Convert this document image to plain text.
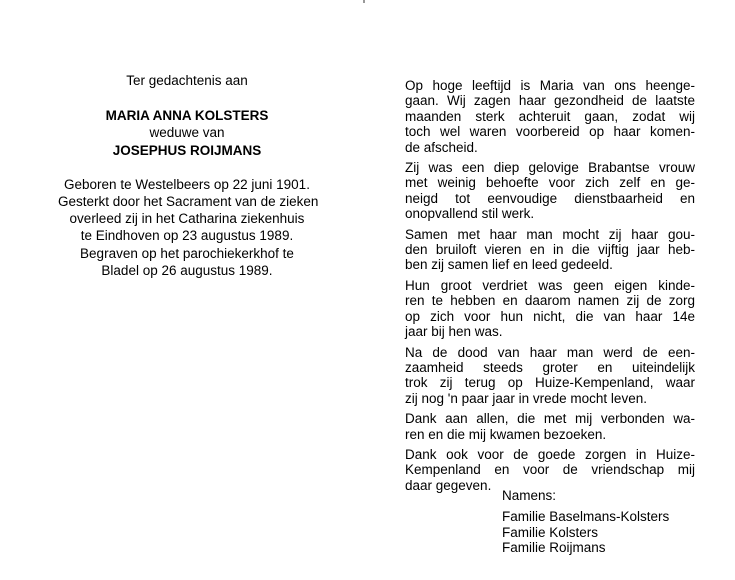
Ter gedachtenis aan
MARIA ANNA KOLSTERS
weduwe van
JOSEPHUS ROIJMANS
Geboren te Westelbeers op 22 juni 1901.
Gesterkt door het Sacrament van de zieken
overleed zij in het Catharina ziekenhuis
te Eindhoven op 23 augustus 1989.
Begraven op het parochiekerkhof te
Bladel op 26 augustus 1989.

Op hoge leeftijd is Maria van ons heenge-
gaan. Wij zagen haar gezondheid de laatste
maanden sterk achteruit gaan, zodat wij
toch wel waren voorbereid op haar komen-
de afscheid.

Zij was een diep gelovige Brabantse vrouw
met weinig behoefte voor zich zelf en ge-
neigd tot eenvoudige dienstbaarheid en
onopvallend stil werk.

Samen met haar man mocht zij haar gou-
den bruiloft vieren en in die vijftig jaar heb-
ben zij samen lief en leed gedeeld.

Hun groot verdriet was geen eigen kinde-
ren te hebben en daarom namen zij de zorg
op zich voor hun nicht, die van haar 14e
jaar bij hen was.

Na de dood van haar man werd de een-
zaamheid steeds groter en uiteindelijk
trok zij terug op Huize-Kempenland, waar
zij nog 'n paar jaar in vrede mocht leven.

Dank aan allen, die met mij verbonden wa-
ren en die mij kwamen bezoeken.

Dank ook voor de goede zorgen in Huize-
Kempenland en voor de vriendschap mij
daar gegeven.

Namens:
Familie Baselmans-Kolsters
Familie Kolsters
Familie Roijmans
